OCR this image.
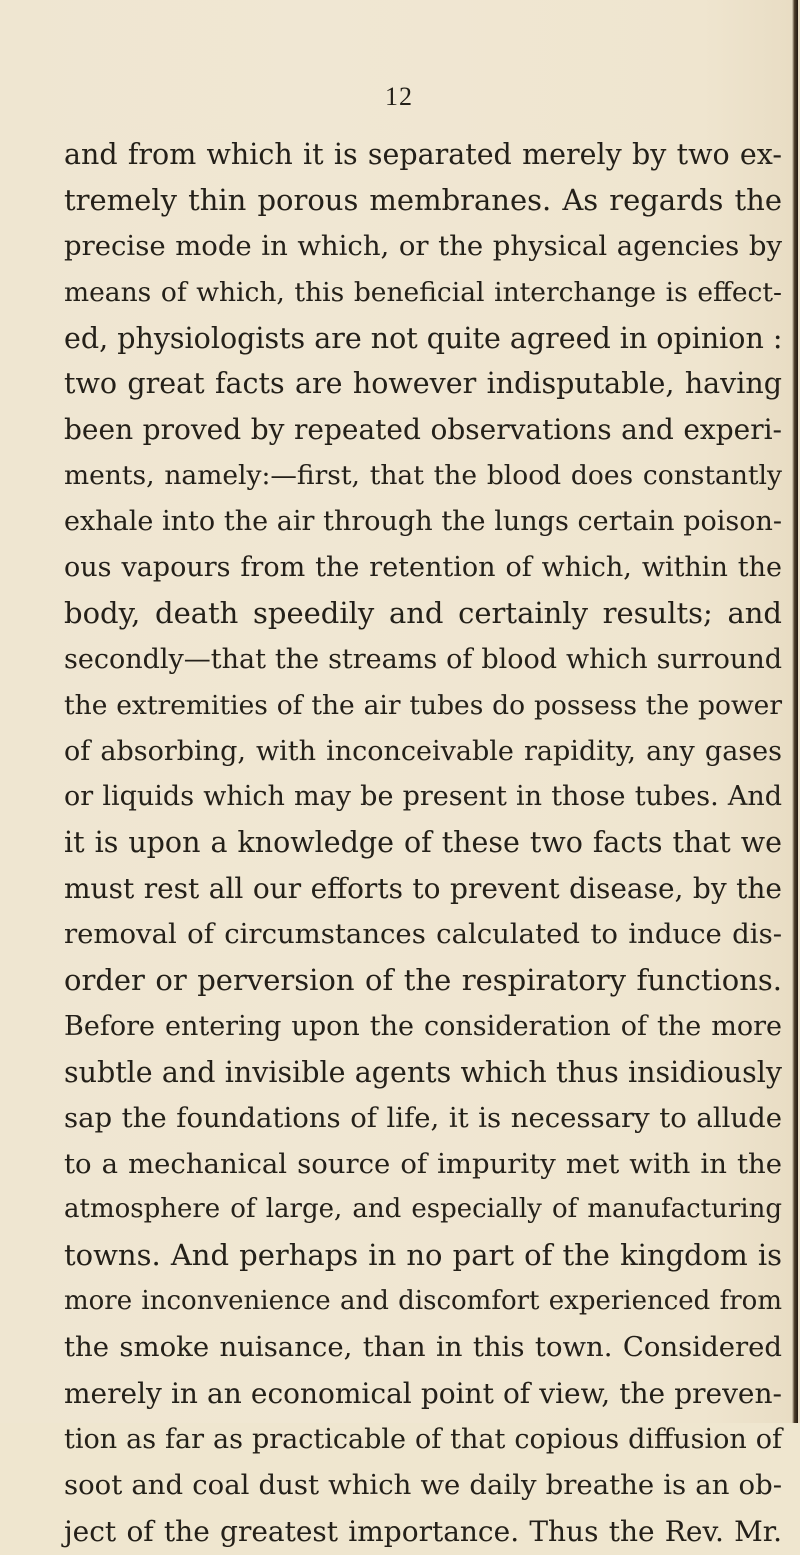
12
and from which it is separated merely by two ex-
tremely thin porous membranes. As regards the
precise mode in which, or the physical agencies by
means of which, this beneficial interchange is effect-
ed, physiologists are not quite agreed in opinion :
two great facts are however indisputable, having
been proved by repeated observations and experi-
ments, namely:—first, that the blood does constantly
exhale into the air through the lungs certain poison-
ous vapours from the retention of which, within the
body, death speedily and certainly results; and
secondly—that the streams of blood which surround
the extremities of the air tubes do possess the power
of absorbing, with inconceivable rapidity, any gases
or liquids which may be present in those tubes. And
it is upon a knowledge of these two facts that we
must rest all our efforts to prevent disease, by the
removal of circumstances calculated to induce dis-
order or perversion of the respiratory functions.
Before entering upon the consideration of the more
subtle and invisible agents which thus insidiously
sap the foundations of life, it is necessary to allude
to a mechanical source of impurity met with in the
atmosphere of large, and especially of manufacturing
towns. And perhaps in no part of the kingdom is
more inconvenience and discomfort experienced from
the smoke nuisance, than in this town. Considered
merely in an economical point of view, the preven-
tion as far as practicable of that copious diffusion of
soot and coal dust which we daily breathe is an ob-
ject of the greatest importance. Thus the Rev. Mr.
